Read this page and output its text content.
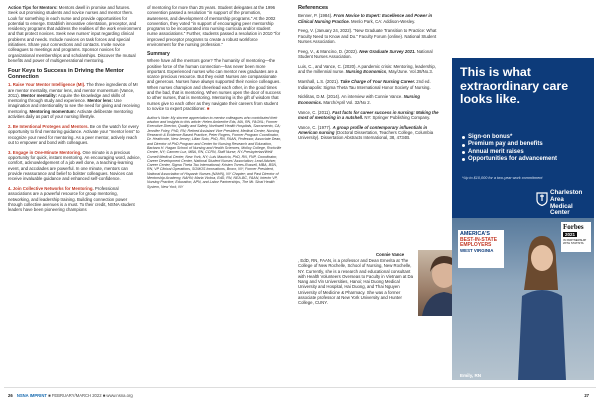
Action Tips for Mentors: Mentors dwell in promise and futures. Seek out promising students and novice nurses and mentor them. Look for something in each nurse and provide opportunities for potential to emerge. Establish innovative orientation, preceptor, and residency programs that address the realities of the work environment and that protect novices. Seek new nurses' input regarding clinical problems and needs. Include novices on task forces and special initiatives. Share your connections and contacts. Invite novice colleagues to meetings and programs. Sponsor novices for organizational memberships and scholarships. Discover the mutual benefits and power of multigenerational mentoring.

Four Keys to Success in Driving the Mentor Connection

1. Raise Your Mentor Intelligence (MI). The three ingredients of MI are mentor mentality, mentor lens, and mentor momentum (Vance, 2011). Mentor mentality: Acquire the knowledge and skills of mentoring through study and experience. Mentor lens: Use imagination and intentionality to see the need for giving and receiving mentoring. Mentoring momentum: Activate deliberate mentoring activities daily as part of your nursing lifestyle.

2. Be Intentional Proteges and Mentors. Be on the watch for every opportunity to find mentoring guidance. Activate your "mentor lens" to recognize your need for mentoring. As a peer mentor, actively reach out to empower and bond with colleagues.

3. Engage in One-Minute Mentoring. One minute is a precious opportunity for quick, instant mentoring. An encouraging word, advice, comfort, acknowledgement of a job well done, a teaching-learning event, and accolades are powerful. In one minute, mentors can provide reassurance and belief to bolster colleagues. Novices can receive invaluable guidance and enhanced self-confidence.

4. Join Collective Networks for Mentoring. Professional associations are a powerful resource for group mentoring, networking, and leadership training. Building connection power through collective avenues is a must. To their credit, NSNA student leaders have been pioneering champions

of mentoring for more than 25 years. Student delegates at the 1996 convention passed a resolution "in support of the promotion, awareness, and development of mentorship programs." At the 2002 convention, they voted "in support of encouraging peer mentorship programs to be incorporated into nursing curricula and/or student nurse associations." Further, students passed a resolution in 2010 "for improved preceptor programs to create a robust workforce environment for the nursing profession."

Summary

Where have all the mentors gone? The humanity of mentoring—the positive force of the human connection—has never been more important. Experienced nurses who can mentor new graduates are a scarce precious resource. But they exist! Nurses are compassionate and generous. Nurses have always supported their novice colleagues. When nurses champion and cheerlead each other, in the good times and the bad, that is mentoring. When nurses open the door of success to other nurses, that is mentoring. Mentoring is the gift of wisdom that nurses give to each other as they navigate their careers from student to novice to expert practitioner. ■

Author's Note: My sincere appreciation to mentor colleagues who contributed their wisdom and insights to this article: Helen Amberthe Eds, MA, RN, FAONL; Former Executive Director, Quality and Safety, Northwell Health Hospitals, Sacramento, CA; Jennifer Foley, PhD, RN; Retired Assistant Vice President, Medical Center, Nursing Research & Evidence Based Practice, Peter Rogers, Former Program Coordinator, Dr. Heathcote, New Jersey; Lilian Soto, PhD, RN, FAAN, Professor, Associate Dean, and Director of PhD Program and Center for Nursing Research and Education, Barbara H. Hagan School of Nursing and Health Sciences, Molloy College, Rockville Centre, NY; Carmen Luz, MBA, RN, CCRN, Staff Nurse, NY-Presbyterian/Weill Cornell Medical Center, New York, NY; Luis Mauricio, PhD, RN, FNP, Coordinator, Career Development Center, National Student Nurses' Association; Lead Adviser, Career Center, Sigma Theta Tau International; Kristen Torres-Russell, MBA, BSN, RN, VP Clinical Operations, SOMOS Innovations, Bronx, NY; Former President, National Association of Hispanic Nurses (NAHN), NY Chapter; and Past Director of Mentorship Academy, NAHN; Maria Vickoa, EdD, RN, NEA-BC, FAAN, Interim VP, Nursing Practice, Education, APN, and Labor Partnerships, The Mt. Sinai Health System, New York, NY

References

Benner, P. (1984). From Novice to Expert: Excellence and Power in Clinical Nursing Practice. Menlo Park, CA: Addison-Wesley.

Feeg, V. (January 24, 2022). "New Graduate Transition to Practice: What Faculty Need to Know and Do." Faculty Forum (online). National Student Nurses Association.

Feeg, V., & Mancino, D. (2022). New Graduate Survey 2021. National Student Nurses Association.

Luis, C., and Vance, C. (2020). A pandemic crisis: Mentoring, leadership, and the millennial nurse. Nursing Economics, May/June. Vol.38/No.3.

Marshall, L.S. (2021). Take Charge of Your Nursing Career. 2nd ed. Indianapolis: Sigma Theta Tau International Honor Society of Nursing.

Nicklitas, D.M. (2014). An interview with Connie Vance. Nursing Economics. March/April Vol. 32/No 2.

Vance, C. (2011). Fast facts for career success in nursing: Making the most of mentoring in a nutshell. NY: Springer Publishing Company.

Vance, C. (1977). A group profile of contemporary influentials in American nursing (Doctoral Dissertation, Teachers College, Columbia University). Dissertation Abstracts International, 38, 4734B.

This is what extraordinary care looks like.
Sign-on bonus*
Premium pay and benefits
Annual merit raises
Opportunities for advancement
*Up to $10,000 for a two-year work commitment
Charleston Area Medical Center
AMERICA'S
BEST-IN-STATE EMPLOYERS
WEST VIRGINIA
Forbes
2021
IN PARTNERSHIP WITH STATISTA
Emily, RN
Connie Vance
, EdD, RN, FAAN, is a professor and Dean Emerita at The College of New Rochelle, School of Nursing, New Rochelle, NY. Currently, she is a research and educational consultant with Health Volunteers Overseas to Faculty in Vietnam at Da Nang and Vin Universities, Hanoi; Hai Duong Medical University and Hospital, Hai Duong, and Thai Nguyen University of Medicine & Pharmacy. She was a former associate professor at New York University and Hunter College, CUNY.
26 NSNA IMPRINT ■ FEBRUARY/MARCH 2022 ■ www.nsna.org	27
